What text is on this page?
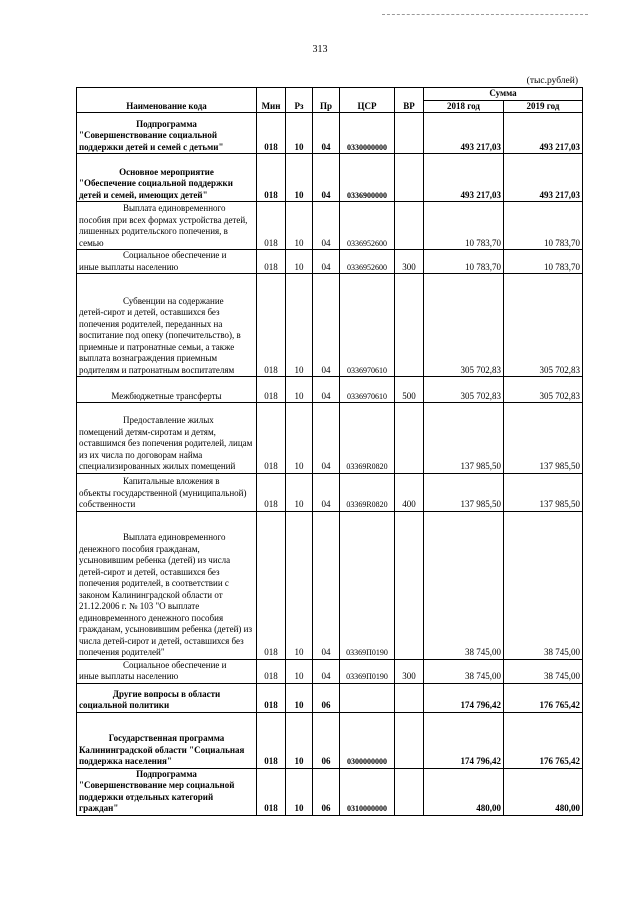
313
(тыс.рублей)
Наименование кода	Мин	Рз	Пр	ЦСР	ВР	Сумма	
						2018 год	2019 год

Подпрограмма
"Совершенствование социальной поддержки детей и семей с детьми"	018	10	04	0330000000		493 217,03	493 217,03

Основное мероприятие
"Обеспечение социальной поддержки детей и семей, имеющих детей"	018	10	04	0336900000		493 217,03	493 217,03

Выплата единовременного
пособия при всех формах устройства детей, лишенных родительского попечения, в семью	018	10	04	0336952600		10 783,70	10 783,70

Социальное обеспечение и
иные выплаты населению	018	10	04	0336952600	300	10 783,70	10 783,70

Субвенции на содержание
детей-сирот и детей, оставшихся без попечения родителей, переданных на воспитание под опеку (попечительство), в приемные и патронатные семьи, а также выплата вознаграждения приемным родителям и патронатным воспитателям	018	10	04	0336970610		305 702,83	305 702,83

Межбюджетные трансферты	018	10	04	0336970610	500	305 702,83	305 702,83

Предоставление жилых
помещений детям-сиротам и детям, оставшимся без попечения родителей, лицам из их числа по договорам найма специализированных жилых помещений	018	10	04	03369R0820		137 985,50	137 985,50

Капитальные вложения в
объекты государственной (муниципальной) собственности	018	10	04	03369R0820	400	137 985,50	137 985,50

Выплата единовременного
денежного пособия гражданам, усыновившим ребенка (детей) из числа детей-сирот и детей, оставшихся без попечения родителей, в соответствии с законом Калининградской области от 21.12.2006 г. № 103 "О выплате единовременного денежного пособия гражданам, усыновившим ребенка (детей) из числа детей-сирот и детей, оставшихся без попечения родителей"	018	10	04	03369П0190		38 745,00	38 745,00

Социальное обеспечение и
иные выплаты населению	018	10	04	03369П0190	300	38 745,00	38 745,00

Другие вопросы в области
социальной политики	018	10	06			174 796,42	176 765,42

Государственная программа
Калининградской области "Социальная поддержка населения"	018	10	06	0300000000		174 796,42	176 765,42

Подпрограмма
"Совершенствование мер социальной поддержки отдельных категорий граждан"	018	10	06	0310000000		480,00	480,00
